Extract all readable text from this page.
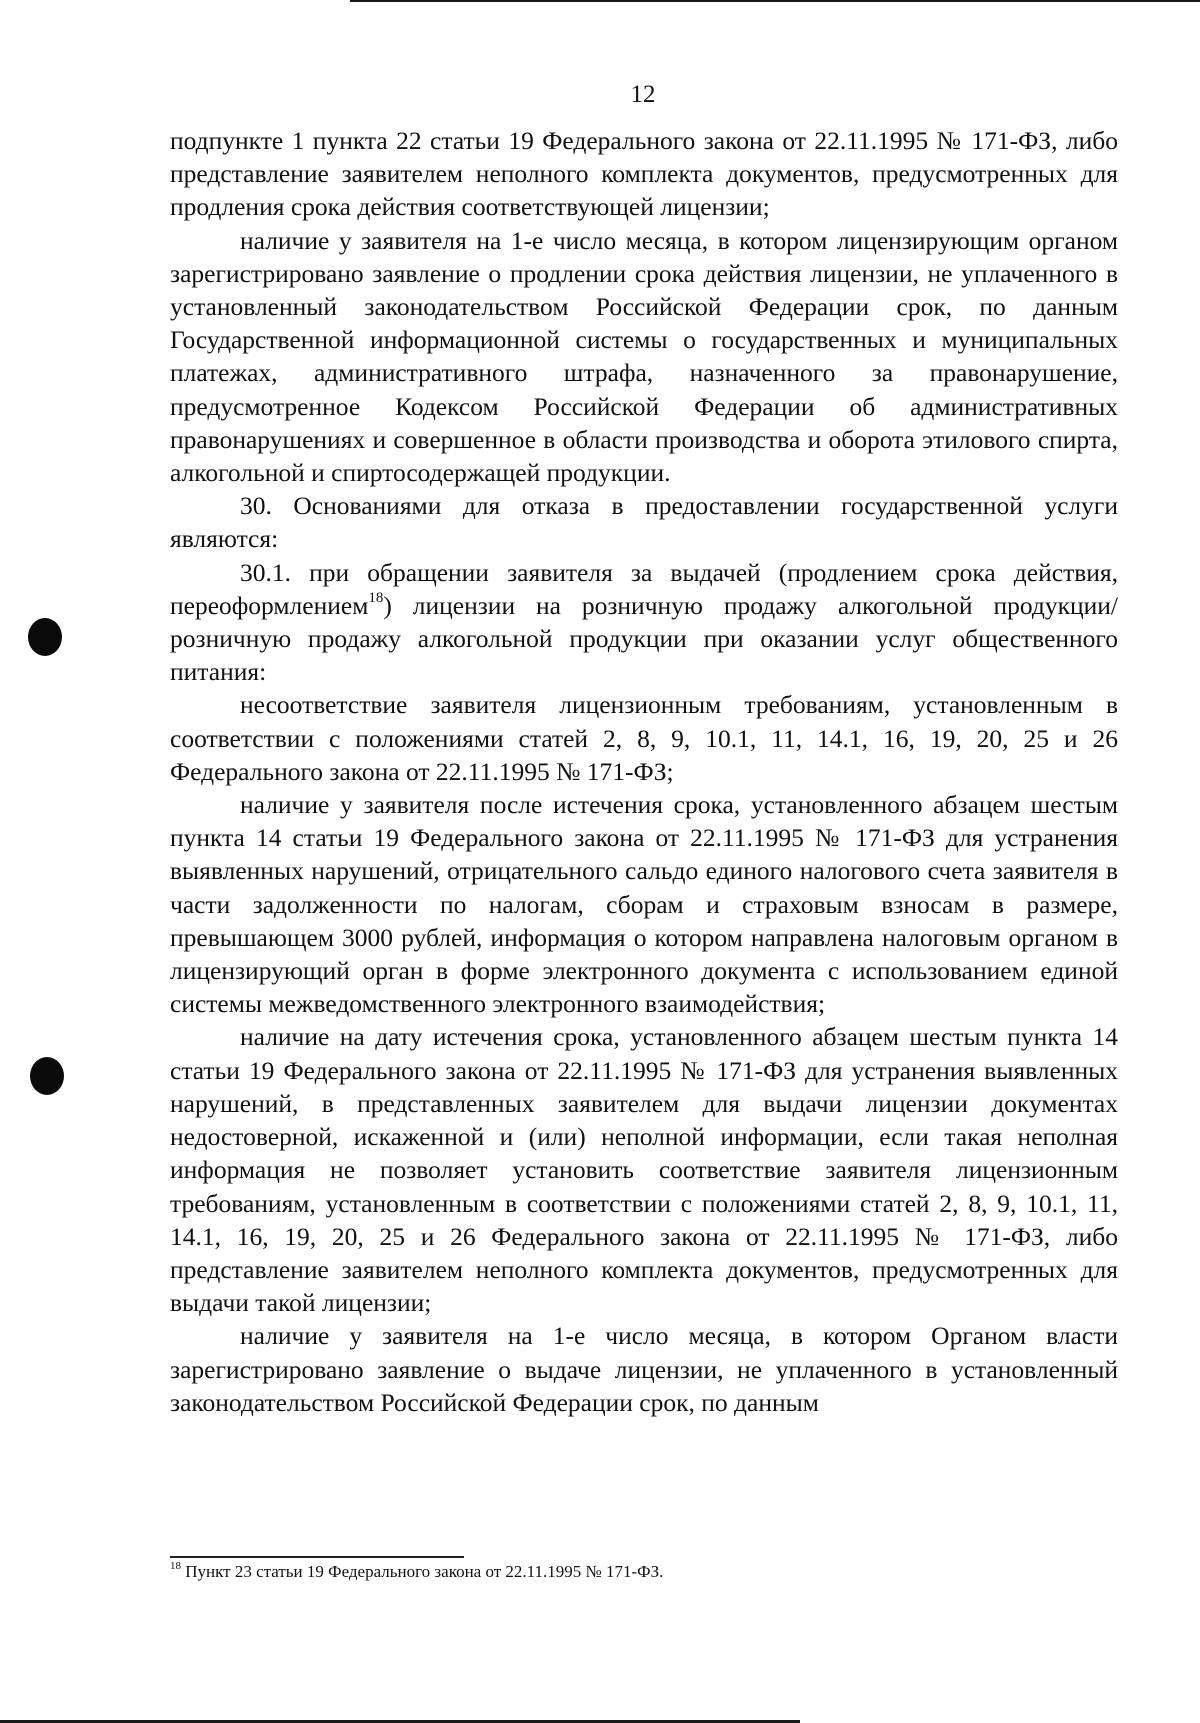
12

подпункте 1 пункта 22 статьи 19 Федерального закона от 22.11.1995 № 171-ФЗ, либо представление заявителем неполного комплекта документов, предусмотренных для продления срока действия соответствующей лицензии;

наличие у заявителя на 1-е число месяца, в котором лицензирующим органом зарегистрировано заявление о продлении срока действия лицензии, не уплаченного в установленный законодательством Российской Федерации срок, по данным Государственной информационной системы о государственных и муниципальных платежах, административного штрафа, назначенного за правонарушение, предусмотренное Кодексом Российской Федерации об административных правонарушениях и совершенное в области производства и оборота этилового спирта, алкогольной и спиртосодержащей продукции.

30. Основаниями для отказа в предоставлении государственной услуги являются:

30.1. при обращении заявителя за выдачей (продлением срока действия, переоформлением$^{18}$) лицензии на розничную продажу алкогольной продукции/розничную продажу алкогольной продукции при оказании услуг общественного питания:

несоответствие заявителя лицензионным требованиям, установленным в соответствии с положениями статей 2, 8, 9, 10.1, 11, 14.1, 16, 19, 20, 25 и 26 Федерального закона от 22.11.1995 № 171-ФЗ;

наличие у заявителя после истечения срока, установленного абзацем шестым пункта 14 статьи 19 Федерального закона от 22.11.1995 № 171-ФЗ для устранения выявленных нарушений, отрицательного сальдо единого налогового счета заявителя в части задолженности по налогам, сборам и страховым взносам в размере, превышающем 3000 рублей, информация о котором направлена налоговым органом в лицензирующий орган в форме электронного документа с использованием единой системы межведомственного электронного взаимодействия;

наличие на дату истечения срока, установленного абзацем шестым пункта 14 статьи 19 Федерального закона от 22.11.1995 № 171-ФЗ для устранения выявленных нарушений, в представленных заявителем для выдачи лицензии документах недостоверной, искаженной и (или) неполной информации, если такая неполная информация не позволяет установить соответствие заявителя лицензионным требованиям, установленным в соответствии с положениями статей 2, 8, 9, 10.1, 11, 14.1, 16, 19, 20, 25 и 26 Федерального закона от 22.11.1995 № 171-ФЗ, либо представление заявителем неполного комплекта документов, предусмотренных для выдачи такой лицензии;

наличие у заявителя на 1-е число месяца, в котором Органом власти зарегистрировано заявление о выдаче лицензии, не уплаченного в установленный законодательством Российской Федерации срок, по данным

$^{18}$ Пункт 23 статьи 19 Федерального закона от 22.11.1995 № 171-ФЗ.
